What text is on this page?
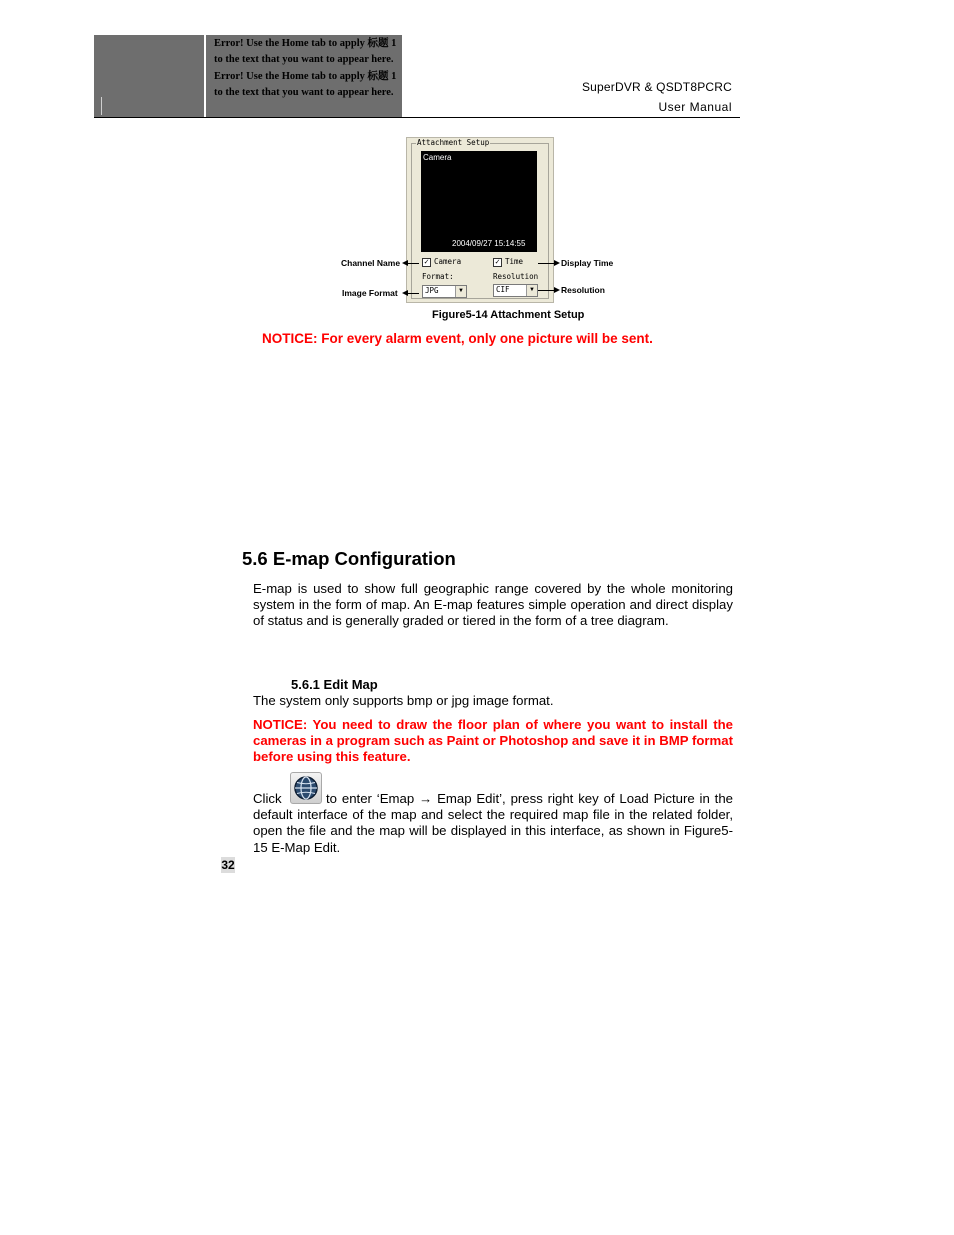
Error! Use the Home tab to apply 标题 1 to the text that you want to appear here. Error! Use the Home tab to apply 标题 1 to the text that you want to appear here.	SuperDVR & QSDT8PCRC
User Manual
Attachment Setup
Camera
2004/09/27 15:14:55
✓ Camera	✓ Time
Format:	Resolution
JPG	▼	CIF	▼
Channel Name
Image Format
Display Time
Resolution
Figure5-14 Attachment Setup
NOTICE: For every alarm event, only one picture will be sent.
5.6 E-map Configuration
E-map is used to show full geographic range covered by the whole monitoring system in the form of map. An E-map features simple operation and direct display of status and is generally graded or tiered in the form of a tree diagram.
5.6.1 Edit Map
The system only supports bmp or jpg image format.
NOTICE: You need to draw the floor plan of where you want to install the cameras in a program such as Paint or Photoshop and save it in BMP format before using this feature.
Click	to enter ‘Emap → Emap Edit’, press right key of Load Picture in the default interface of the map and select the required map file in the related folder, open the file and the map will be displayed in this interface, as shown in Figure5-15 E-Map Edit.
32
